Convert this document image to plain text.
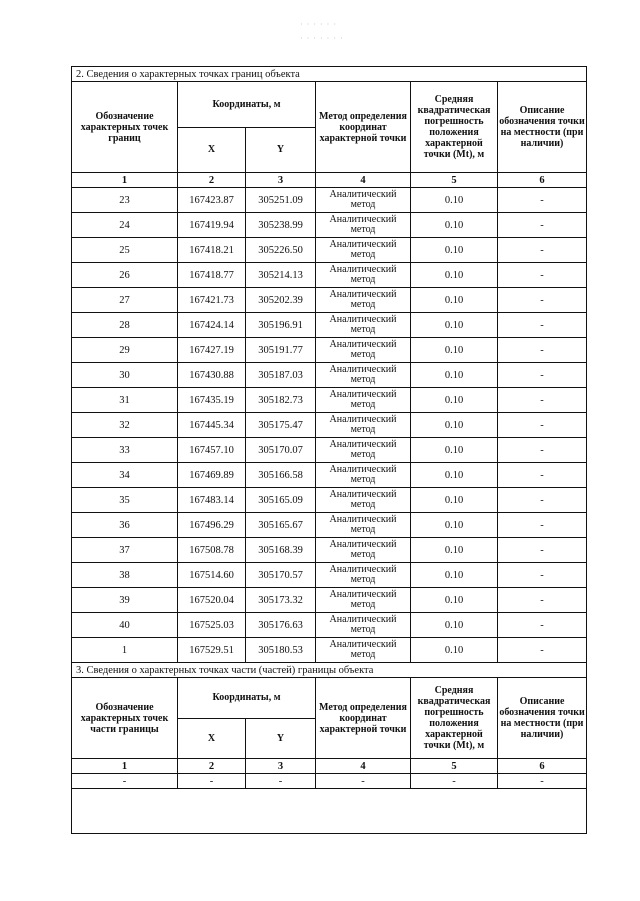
· · · · · ·
· · · · · · ·
2. Сведения о характерных точках границ объекта					
Обозначение характерных точек границ	Координаты, м		Метод определения координат характерной точки	Средняя квадратическая погрешность положения характерной точки (Mt), м	Описание обозначения точки на местности (при наличии)
	X	Y			
1	2	3	4	5	6
23	167423.87	305251.09	Аналитический метод	0.10	-
24	167419.94	305238.99	Аналитический метод	0.10	-
25	167418.21	305226.50	Аналитический метод	0.10	-
26	167418.77	305214.13	Аналитический метод	0.10	-
27	167421.73	305202.39	Аналитический метод	0.10	-
28	167424.14	305196.91	Аналитический метод	0.10	-
29	167427.19	305191.77	Аналитический метод	0.10	-
30	167430.88	305187.03	Аналитический метод	0.10	-
31	167435.19	305182.73	Аналитический метод	0.10	-
32	167445.34	305175.47	Аналитический метод	0.10	-
33	167457.10	305170.07	Аналитический метод	0.10	-
34	167469.89	305166.58	Аналитический метод	0.10	-
35	167483.14	305165.09	Аналитический метод	0.10	-
36	167496.29	305165.67	Аналитический метод	0.10	-
37	167508.78	305168.39	Аналитический метод	0.10	-
38	167514.60	305170.57	Аналитический метод	0.10	-
39	167520.04	305173.32	Аналитический метод	0.10	-
40	167525.03	305176.63	Аналитический метод	0.10	-
1	167529.51	305180.53	Аналитический метод	0.10	-
3. Сведения о характерных точках части (частей) границы объекта					
Обозначение характерных точек части границы	Координаты, м		Метод определения координат характерной точки	Средняя квадратическая погрешность положения характерной точки (Mt), м	Описание обозначения точки на местности (при наличии)
	X	Y			
1	2	3	4	5	6
-	-	-	-	-	-
